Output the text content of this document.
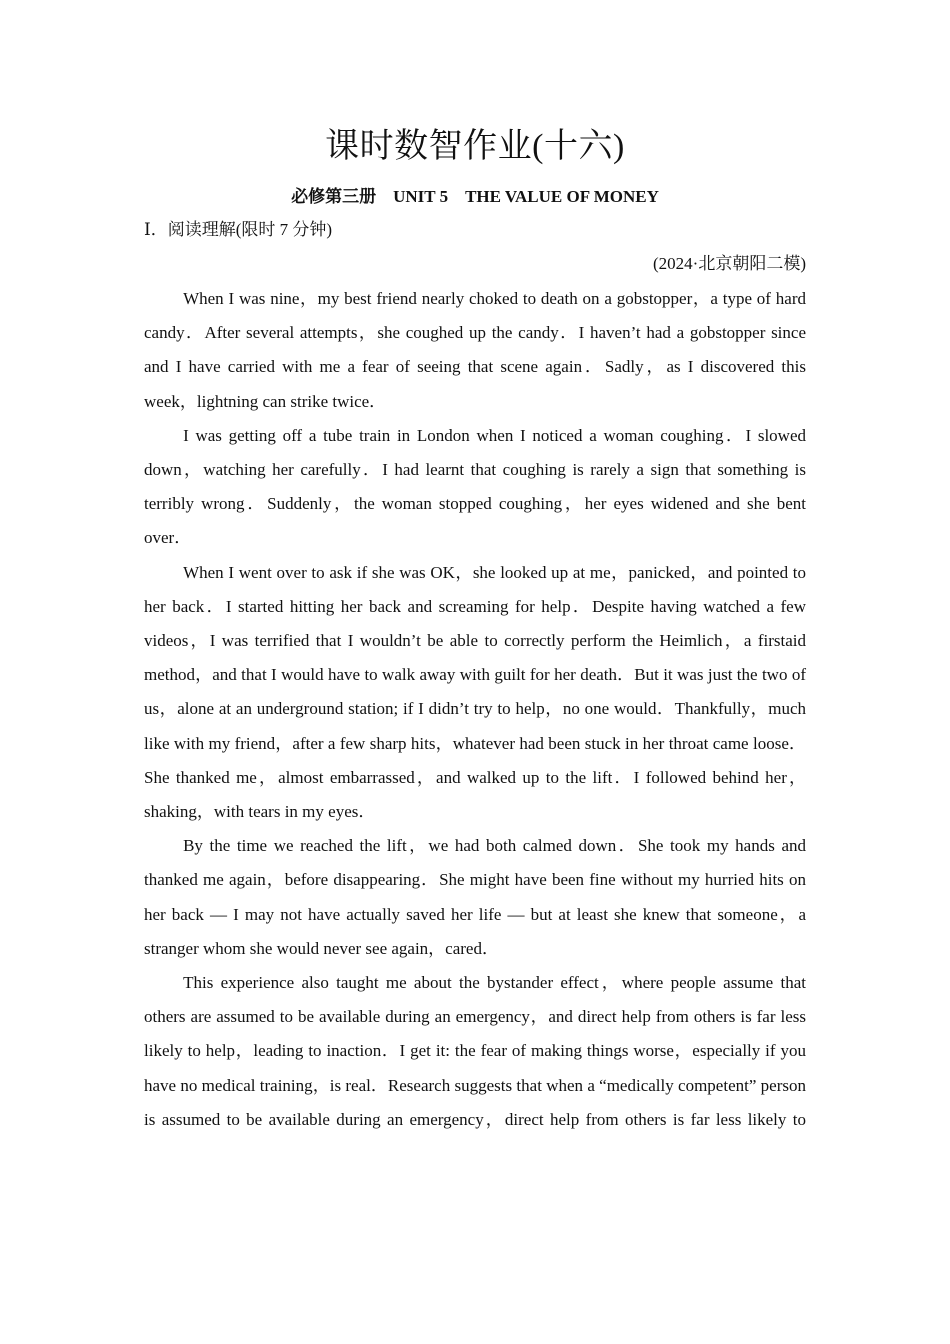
课时数智作业(十六)

必修第三册　UNIT 5　THE VALUE OF MONEY

Ⅰ．阅读理解(限时 7 分钟)

(2024·北京朝阳二模)

When I was nine，my best friend nearly choked to death on a gobstopper，a type of hard candy．After several attempts，she coughed up the candy．I haven’t had a gobstopper since and I have carried with me a fear of seeing that scene again．Sadly，as I discovered this week，lightning can strike twice．

I was getting off a tube train in London when I noticed a woman coughing．I slowed down，watching her carefully．I had learnt that coughing is rarely a sign that something is terribly wrong．Suddenly，the woman stopped coughing，her eyes widened and she bent over．

When I went over to ask if she was OK，she looked up at me，panicked，and pointed to her back．I started hitting her back and screaming for help．Despite having watched a few videos，I was terrified that I wouldn’t be able to correctly perform the Heimlich，a firstaid method，and that I would have to walk away with guilt for her death．But it was just the two of us，alone at an underground station; if I didn’t try to help，no one would．Thankfully，much like with my friend，after a few sharp hits，whatever had been stuck in her throat came loose．She thanked me，almost embarrassed，and walked up to the lift．I followed behind her，shaking，with tears in my eyes．

By the time we reached the lift，we had both calmed down．She took my hands and thanked me again，before disappearing．She might have been fine without my hurried hits on her back — I may not have actually saved her life — but at least she knew that someone，a stranger whom she would never see again，cared．

This experience also taught me about the bystander effect，where people assume that others are assumed to be available during an emergency，and direct help from others is far less likely to help，leading to inaction．I get it: the fear of making things worse，especially if you have no medical training，is real．Research suggests that when a “medically competent” person is assumed to be available during an emergency，direct help from others is far less likely to
